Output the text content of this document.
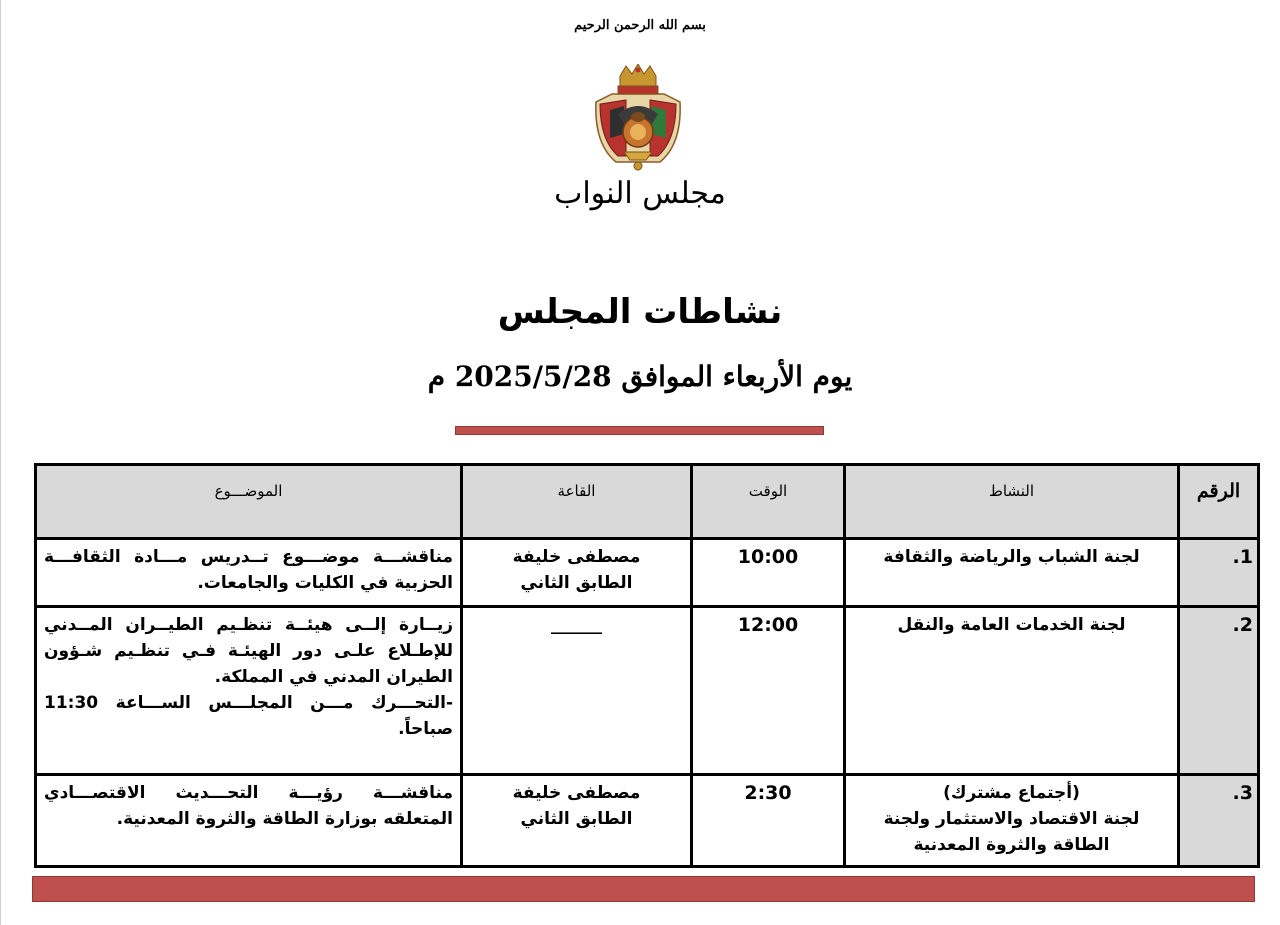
بسم الله الرحمن الرحيم
مجلس النواب
نشاطات المجلس
يوم الأربعاء الموافق 2025/5/28 م
الرقم	النشاط	الوقت	القاعة	الموضـــوع
1.	لجنة الشباب والرياضة والثقافة	10:00	مصطفى خليفة
الطابق الثاني	مناقشـــة موضـــوع تــدريس مـــادة الثقافـــة الحزبية في الكليات والجامعات.

2.	لجنة الخدمات العامة والنقل	12:00	______	زيــارة إلــى هيئــة تنظـيم الطيــران المــدني للإطـلاع علـى دور الهيئـة فـي تنظـيم شـؤون الطيران المدني في المملكة.
-التحـــرك مـــن المجلـــس الســـاعة 11:30 صباحاً.

3.	(أجتماع مشترك)
لجنة الاقتصاد والاستثمار ولجنة
الطاقة والثروة المعدنية	2:30	مصطفى خليفة
الطابق الثاني	مناقشـــة رؤيـــة التحـــديث الاقتصـــادي المتعلقه بوزارة الطاقة والثروة المعدنية.
